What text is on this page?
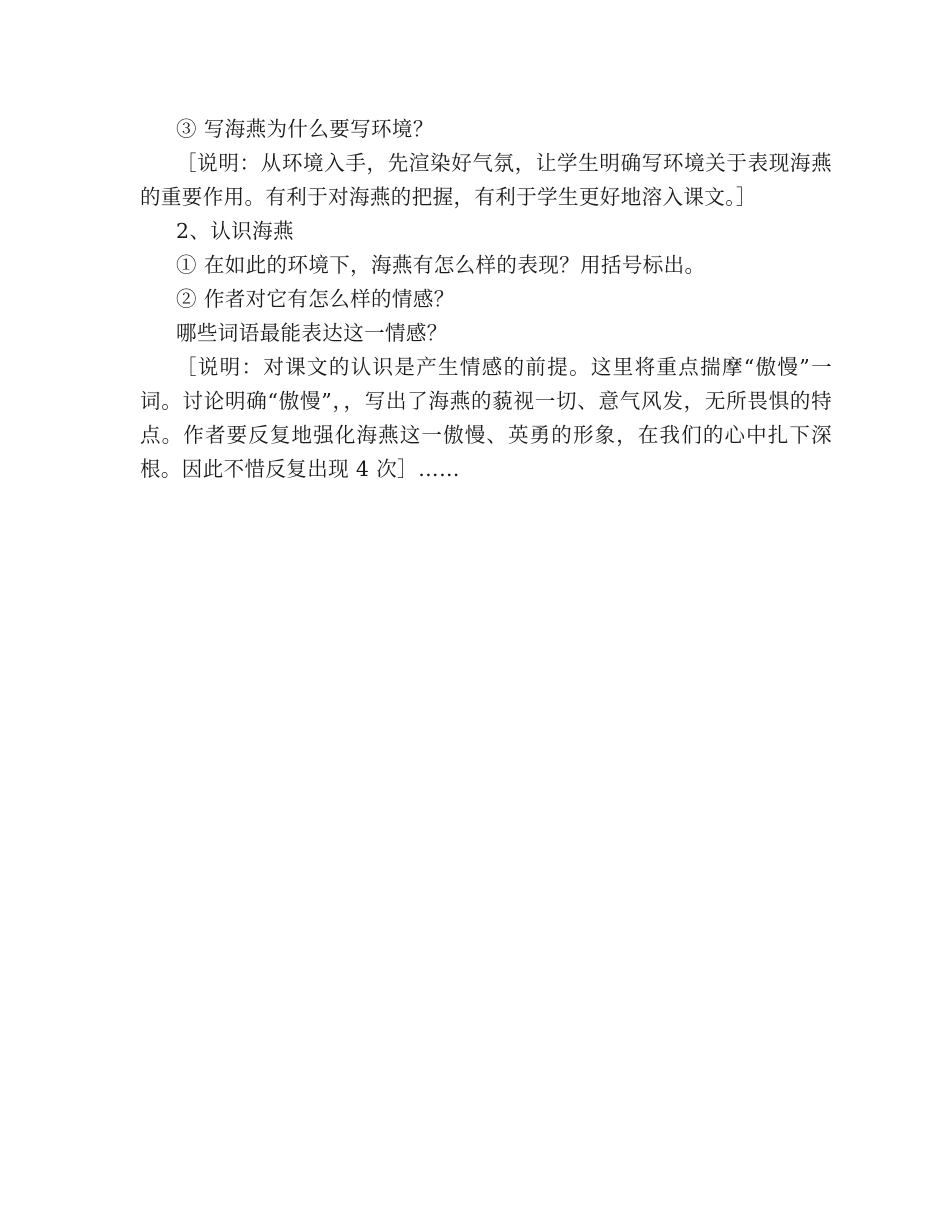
③ 写海燕为什么要写环境？

［说明：从环境入手，先渲染好气氛，让学生明确写环境关于表现海燕的重要作用。有利于对海燕的把握，有利于学生更好地溶入课文。］

2、认识海燕

① 在如此的环境下，海燕有怎么样的表现？用括号标出。

② 作者对它有怎么样的情感？

哪些词语最能表达这一情感？

［说明：对课文的认识是产生情感的前提。这里将重点揣摩“傲慢”一词。讨论明确“傲慢”，，写出了海燕的藐视一切、意气风发，无所畏惧的特点。作者要反复地强化海燕这一傲慢、英勇的形象，在我们的心中扎下深根。因此不惜反复出现 4 次］……
